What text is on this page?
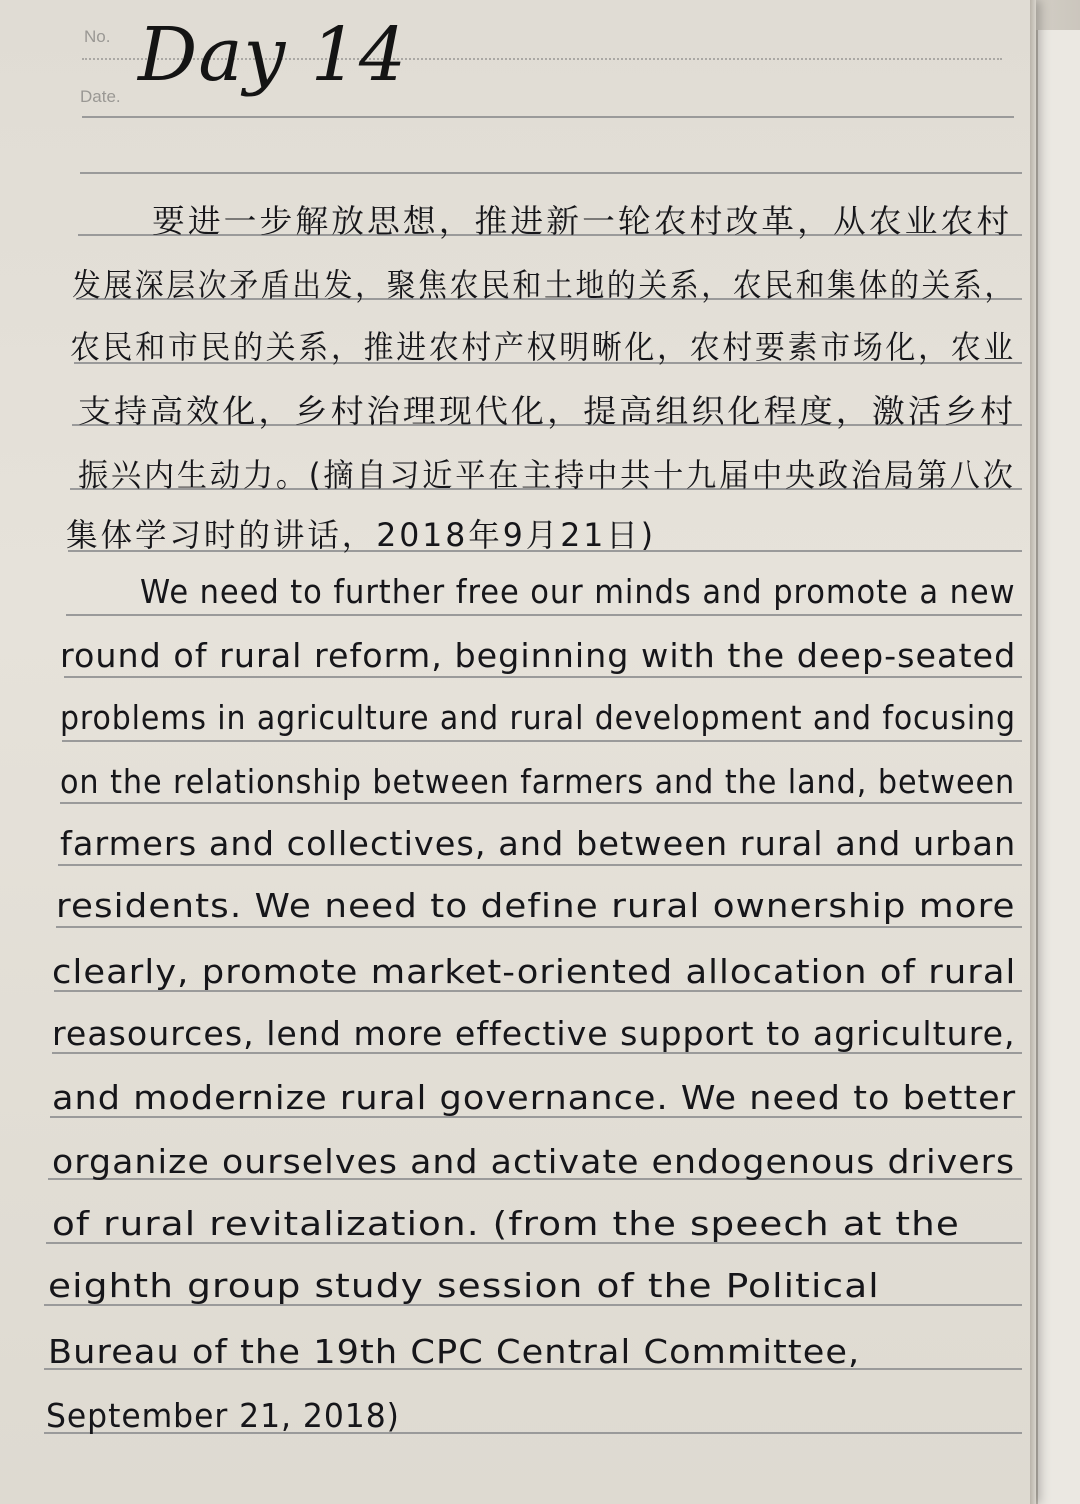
No.
Date. Day 14
要进一步解放思想，推进新一轮农村改革，从农业农村
发展深层次矛盾出发，聚焦农民和土地的关系，农民和集体的关系，
农民和市民的关系，推进农村产权明晰化，农村要素市场化，农业
支持高效化，乡村治理现代化，提高组织化程度，激活乡村
振兴内生动力。(摘自习近平在主持中共十九届中央政治局第八次
集体学习时的讲话，2018年9月21日)
We need to further free our minds and promote a new
round of rural reform, beginning with the deep-seated
problems in agriculture and rural development and focusing
on the relationship between farmers and the land, between
farmers and collectives, and between rural and urban
residents. We need to define rural ownership more
clearly, promote market-oriented allocation of rural
reasources, lend more effective support to agriculture,
and modernize rural governance. We need to better
organize ourselves and activate endogenous drivers
of rural revitalization. (from the speech at the
eighth group study session of the Political
Bureau of the 19th CPC Central Committee,
September 21, 2018)
